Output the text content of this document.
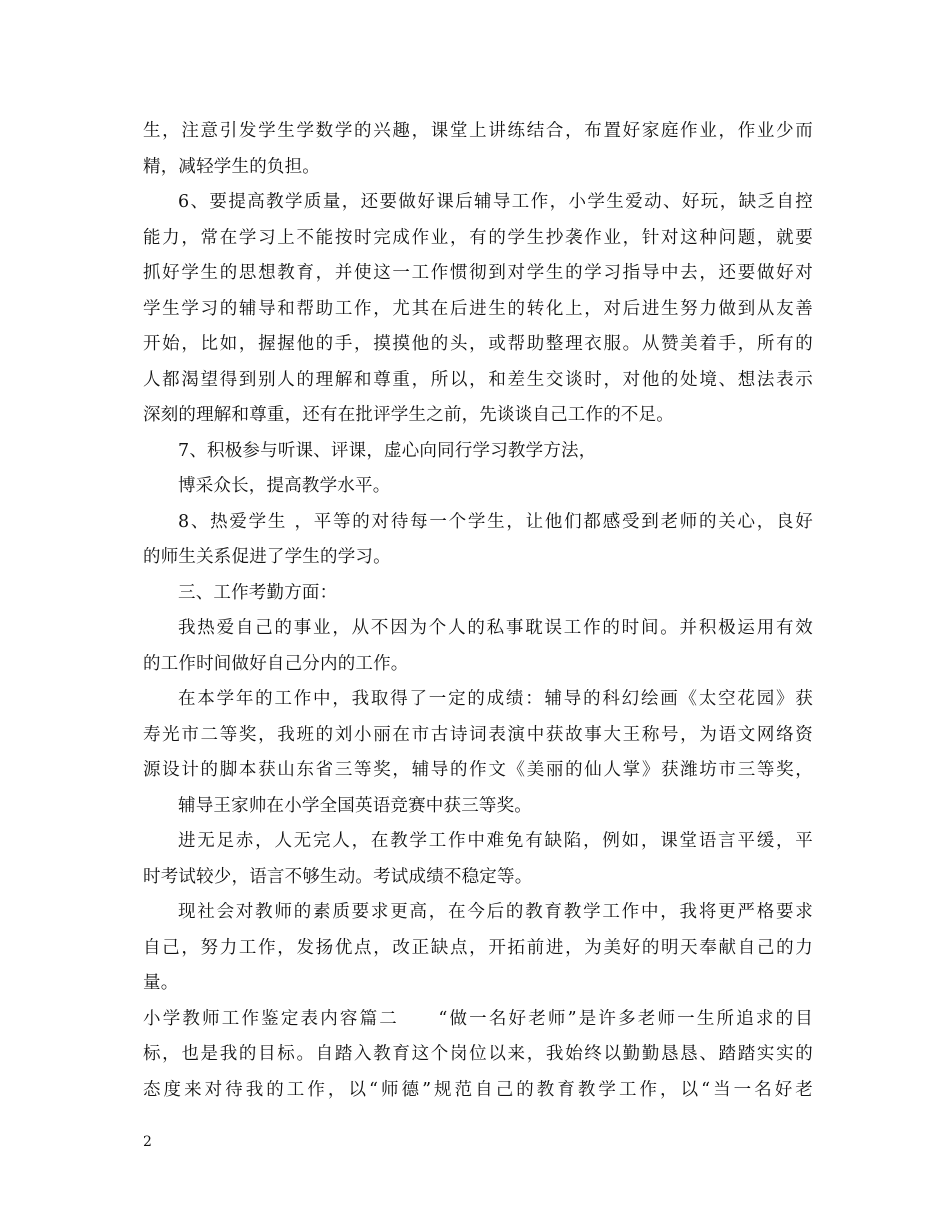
生，注意引发学生学数学的兴趣，课堂上讲练结合，布置好家庭作业，作业少而
精，减轻学生的负担。
6、要提高教学质量，还要做好课后辅导工作，小学生爱动、好玩，缺乏自控
能力，常在学习上不能按时完成作业，有的学生抄袭作业，针对这种问题，就要
抓好学生的思想教育，并使这一工作惯彻到对学生的学习指导中去，还要做好对
学生学习的辅导和帮助工作，尤其在后进生的转化上，对后进生努力做到从友善
开始，比如，握握他的手，摸摸他的头，或帮助整理衣服。从赞美着手，所有的
人都渴望得到别人的理解和尊重，所以，和差生交谈时，对他的处境、想法表示
深刻的理解和尊重，还有在批评学生之前，先谈谈自己工作的不足。
7、积极参与听课、评课，虚心向同行学习教学方法，
博采众长，提高教学水平。
8、热爱学生 ，平等的对待每一个学生，让他们都感受到老师的关心，良好
的师生关系促进了学生的学习。
三、工作考勤方面：
我热爱自己的事业，从不因为个人的私事耽误工作的时间。并积极运用有效
的工作时间做好自己分内的工作。
在本学年的工作中，我取得了一定的成绩：辅导的科幻绘画《太空花园》获
寿光市二等奖，我班的刘小丽在市古诗词表演中获故事大王称号，为语文网络资
源设计的脚本获山东省三等奖，辅导的作文《美丽的仙人掌》获潍坊市三等奖，
辅导王家帅在小学全国英语竞赛中获三等奖。
进无足赤，人无完人，在教学工作中难免有缺陷，例如，课堂语言平缓，平
时考试较少，语言不够生动。考试成绩不稳定等。
现社会对教师的素质要求更高，在今后的教育教学工作中，我将更严格要求
自己，努力工作，发扬优点，改正缺点，开拓前进，为美好的明天奉献自己的力
量。
小学教师工作鉴定表内容篇二　　“做一名好老师”是许多老师一生所追求的目
标，也是我的目标。自踏入教育这个岗位以来，我始终以勤勤恳恳、踏踏实实的
态度来对待我的工作，以“师德”规范自己的教育教学工作，以“当一名好老
2
